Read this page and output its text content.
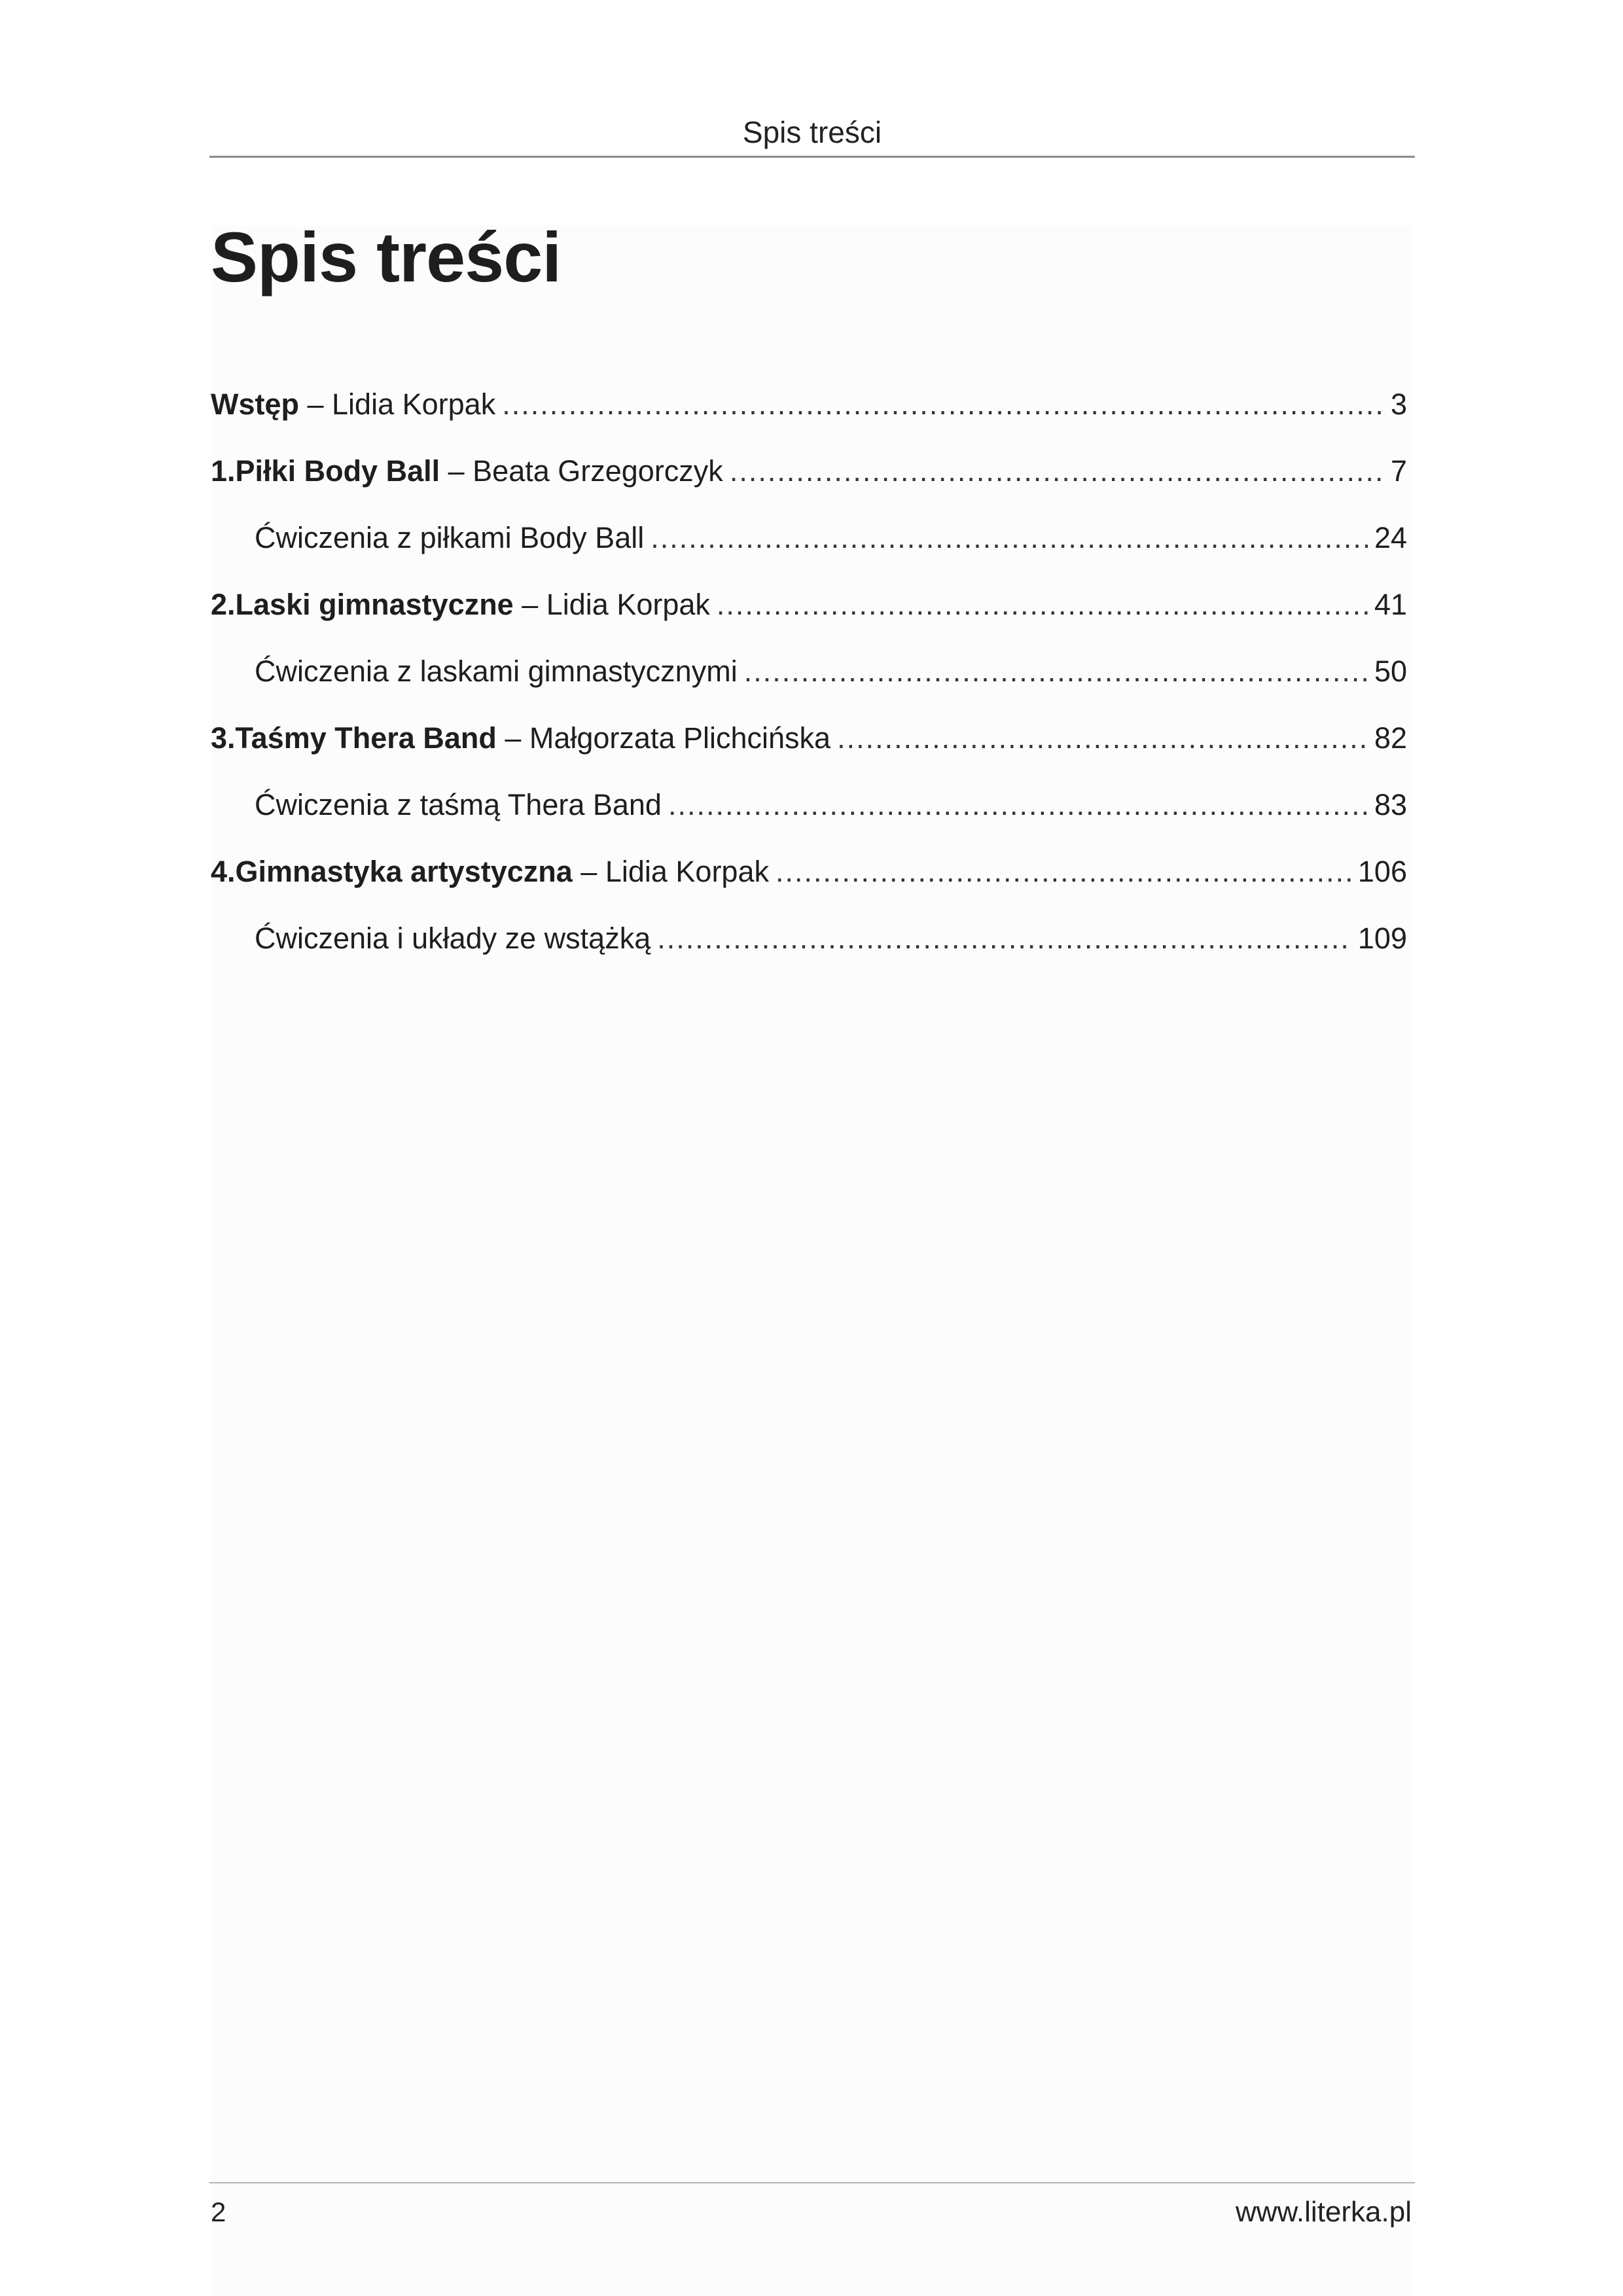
Spis treści
Spis treści
Wstęp – Lidia Korpak .....	3
1. Piłki Body Ball – Beata Grzegorczyk .....	7
Ćwiczenia z piłkami Body Ball .....	24
2. Laski gimnastyczne – Lidia Korpak .....	41
Ćwiczenia z laskami gimnastycznymi .....	50
3. Taśmy Thera Band – Małgorzata Plichcińska .....	82
Ćwiczenia z taśmą Thera Band .....	83
4. Gimnastyka artystyczna – Lidia Korpak .....	106
Ćwiczenia i układy ze wstążką .....	109
2	www.literka.pl
